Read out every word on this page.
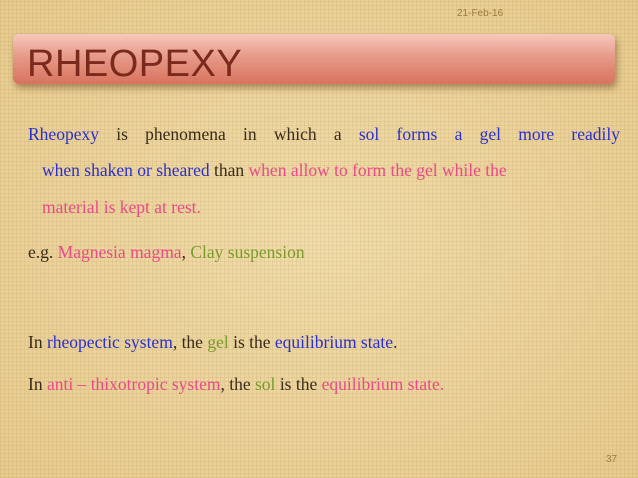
21-Feb-16
RHEOPEXY

Rheopexy is phenomena in which a sol forms a gel more readily
when shaken or sheared than when allow to form the gel while the
material is kept at rest.

e.g. Magnesia magma, Clay suspension

In rheopectic system, the gel is the equilibrium state.

In anti – thixotropic system, the sol is the equilibrium state.

37
